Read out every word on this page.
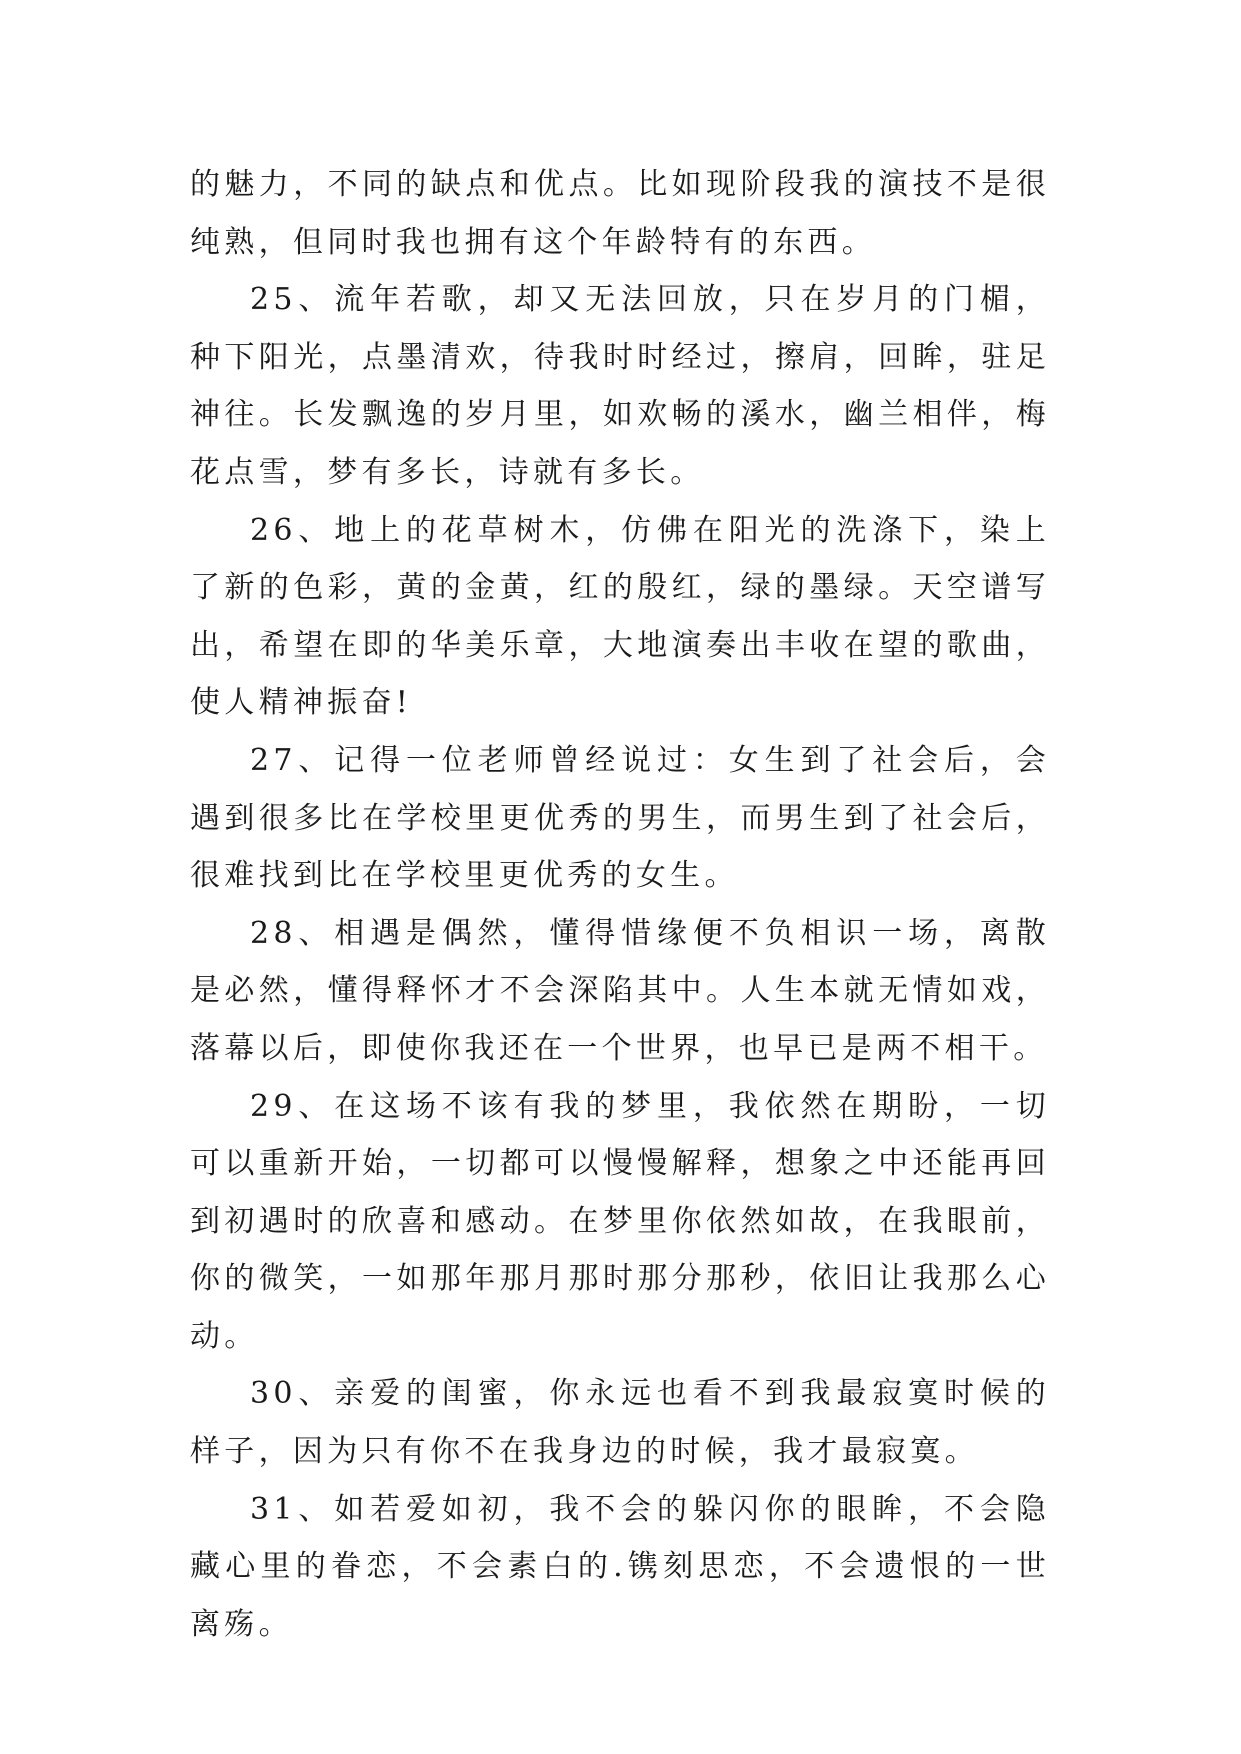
的魅力，不同的缺点和优点。比如现阶段我的演技不是很纯熟，但同时我也拥有这个年龄特有的东西。

25、流年若歌，却又无法回放，只在岁月的门楣，种下阳光，点墨清欢，待我时时经过，擦肩，回眸，驻足神往。长发飘逸的岁月里，如欢畅的溪水，幽兰相伴，梅花点雪，梦有多长，诗就有多长。

26、地上的花草树木，仿佛在阳光的洗涤下，染上了新的色彩，黄的金黄，红的殷红，绿的墨绿。天空谱写出，希望在即的华美乐章，大地演奏出丰收在望的歌曲，使人精神振奋!

27、记得一位老师曾经说过：女生到了社会后，会遇到很多比在学校里更优秀的男生，而男生到了社会后，很难找到比在学校里更优秀的女生。

28、相遇是偶然，懂得惜缘便不负相识一场，离散是必然，懂得释怀才不会深陷其中。人生本就无情如戏，落幕以后，即使你我还在一个世界，也早已是两不相干。

29、在这场不该有我的梦里，我依然在期盼，一切可以重新开始，一切都可以慢慢解释，想象之中还能再回到初遇时的欣喜和感动。在梦里你依然如故，在我眼前，你的微笑，一如那年那月那时那分那秒，依旧让我那么心动。

30、亲爱的闺蜜，你永远也看不到我最寂寞时候的样子，因为只有你不在我身边的时候，我才最寂寞。

31、如若爱如初，我不会的躲闪你的眼眸，不会隐藏心里的眷恋，不会素白的.镌刻思恋，不会遗恨的一世离殇。
